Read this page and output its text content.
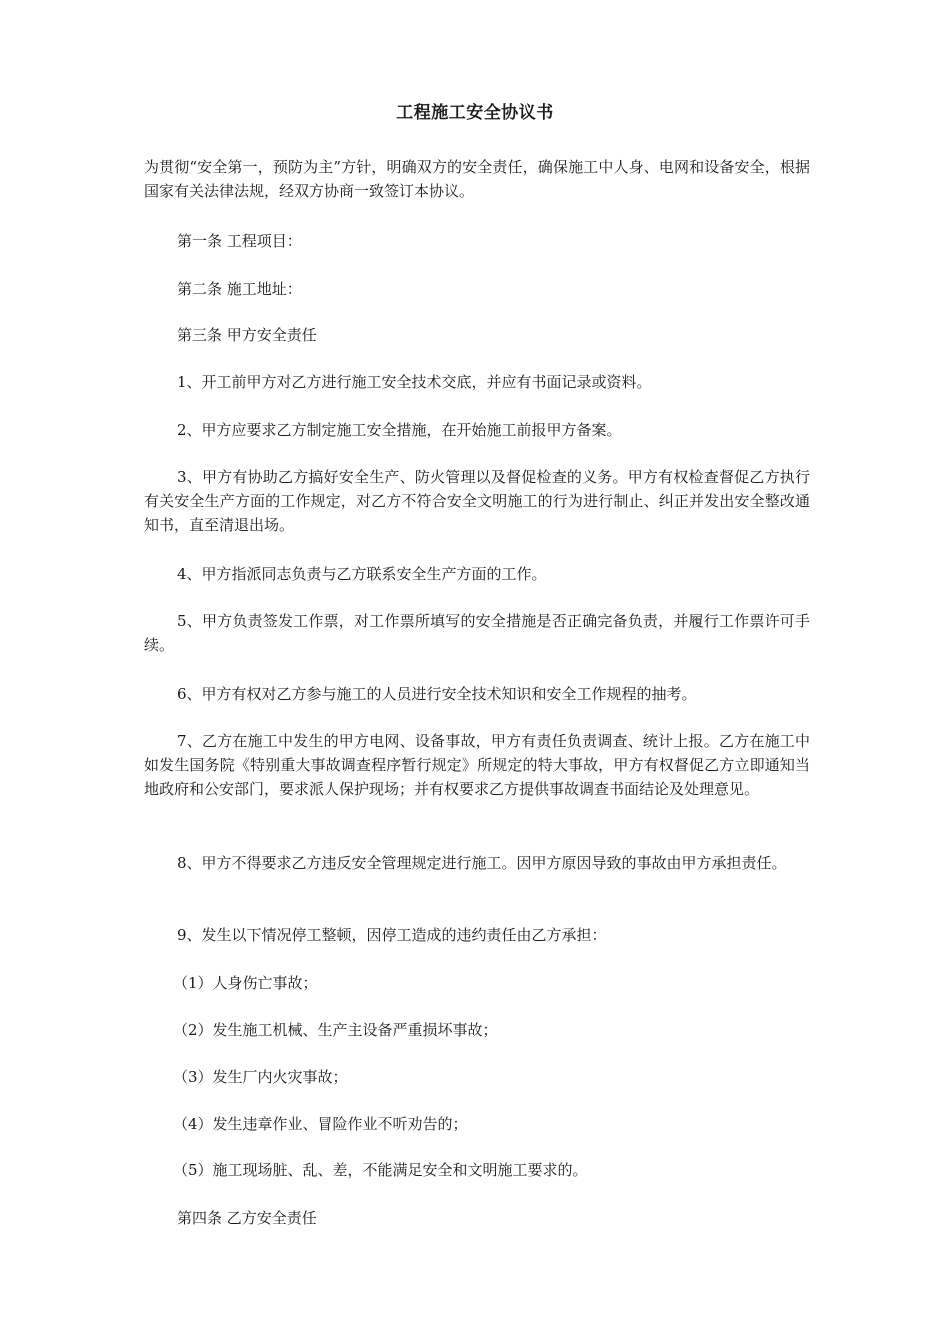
工程施工安全协议书

为贯彻“安全第一，预防为主”方针，明确双方的安全责任，确保施工中人身、电网和设备安全，根据国家有关法律法规，经双方协商一致签订本协议。

第一条 工程项目：

第二条 施工地址：

第三条 甲方安全责任

1、开工前甲方对乙方进行施工安全技术交底，并应有书面记录或资料。

2、甲方应要求乙方制定施工安全措施，在开始施工前报甲方备案。

3、甲方有协助乙方搞好安全生产、防火管理以及督促检查的义务。甲方有权检查督促乙方执行有关安全生产方面的工作规定，对乙方不符合安全文明施工的行为进行制止、纠正并发出安全整改通知书，直至清退出场。

4、甲方指派同志负责与乙方联系安全生产方面的工作。

5、甲方负责签发工作票，对工作票所填写的安全措施是否正确完备负责，并履行工作票许可手续。

6、甲方有权对乙方参与施工的人员进行安全技术知识和安全工作规程的抽考。

7、乙方在施工中发生的甲方电网、设备事故，甲方有责任负责调查、统计上报。乙方在施工中如发生国务院《特别重大事故调查程序暂行规定》所规定的特大事故，甲方有权督促乙方立即通知当地政府和公安部门，要求派人保护现场；并有权要求乙方提供事故调查书面结论及处理意见。

8、甲方不得要求乙方违反安全管理规定进行施工。因甲方原因导致的事故由甲方承担责任。

9、发生以下情况停工整顿，因停工造成的违约责任由乙方承担：

（1）人身伤亡事故；

（2）发生施工机械、生产主设备严重损坏事故；

（3）发生厂内火灾事故；

（4）发生违章作业、冒险作业不听劝告的；

（5）施工现场脏、乱、差，不能满足安全和文明施工要求的。

第四条 乙方安全责任
